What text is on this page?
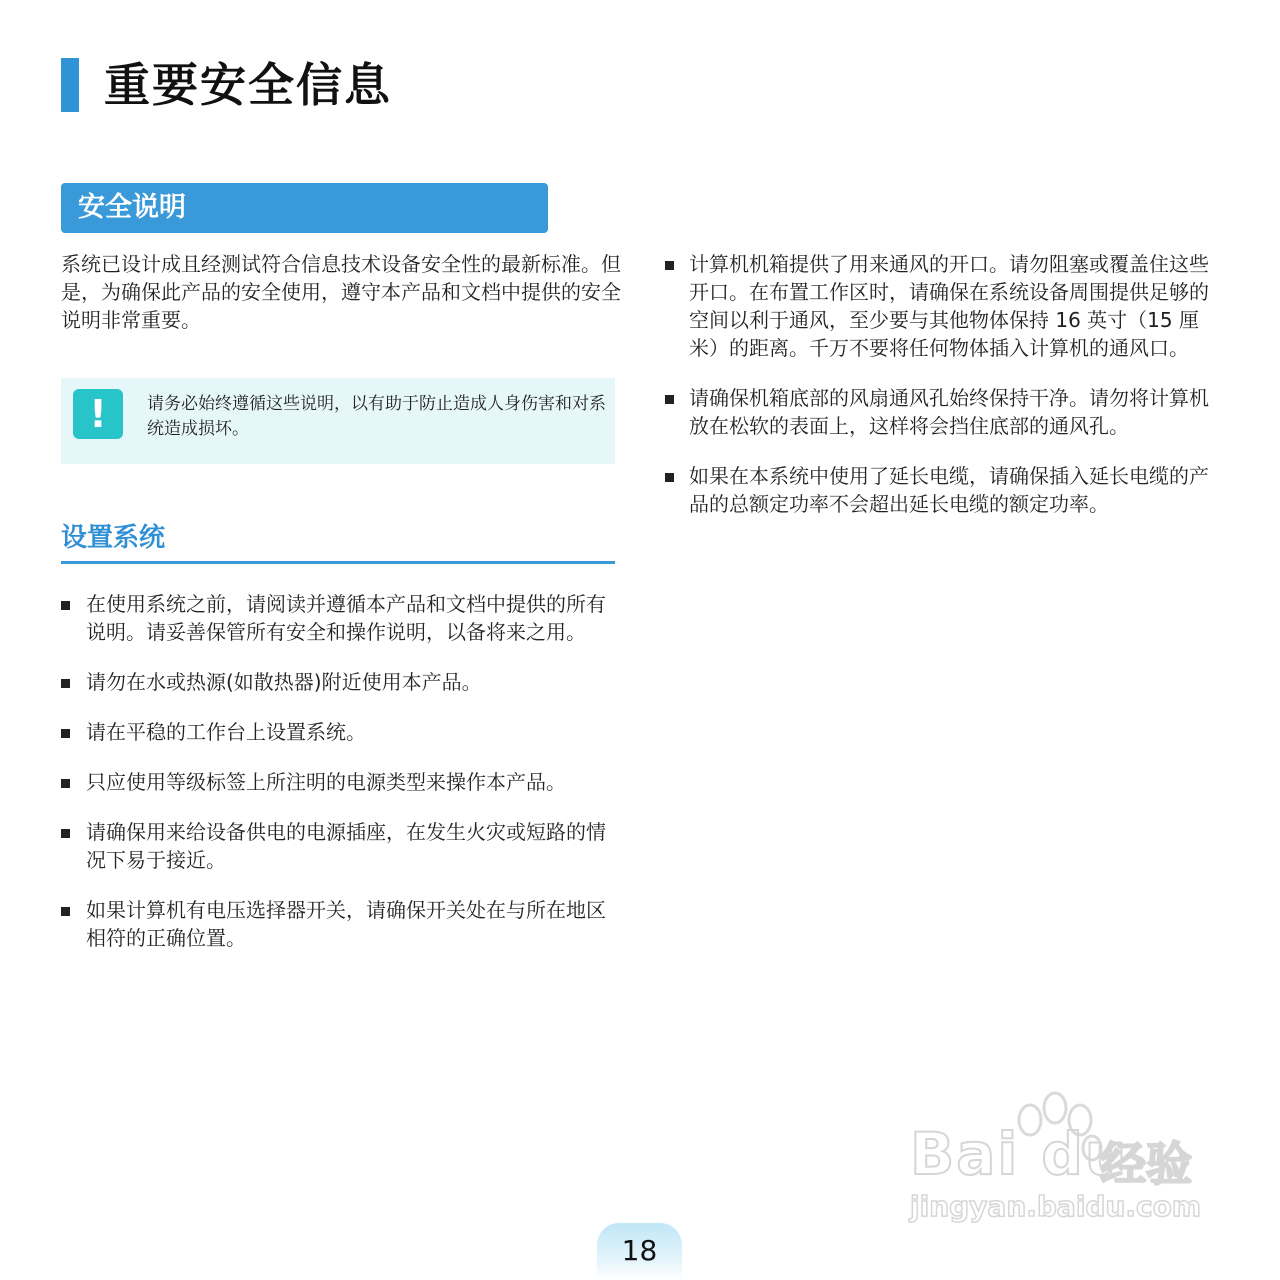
重要安全信息
安全说明

系统已设计成且经测试符合信息技术设备安全性的最新标准。但是，为确保此产品的安全使用，遵守本产品和文档中提供的安全说明非常重要。

!	请务必始终遵循这些说明，以有助于防止造成人身伤害和对系统造成损坏。

设置系统
在使用系统之前，请阅读并遵循本产品和文档中提供的所有说明。请妥善保管所有安全和操作说明，以备将来之用。
请勿在水或热源(如散热器)附近使用本产品。
请在平稳的工作台上设置系统。
只应使用等级标签上所注明的电源类型来操作本产品。
请确保用来给设备供电的电源插座，在发生火灾或短路的情况下易于接近。
如果计算机有电压选择器开关，请确保开关处在与所在地区相符的正确位置。
计算机机箱提供了用来通风的开口。请勿阻塞或覆盖住这些开口。在布置工作区时，请确保在系统设备周围提供足够的空间以利于通风，至少要与其他物体保持 16 英寸（15 厘米）的距离。千万不要将任何物体插入计算机的通风口。
请确保机箱底部的风扇通风孔始终保持干净。请勿将计算机放在松软的表面上，这样将会挡住底部的通风孔。
如果在本系统中使用了延长电缆，请确保插入延长电缆的产品的总额定功率不会超出延长电缆的额定功率。
Bai du
经验
jingyan.baidu.com
18
